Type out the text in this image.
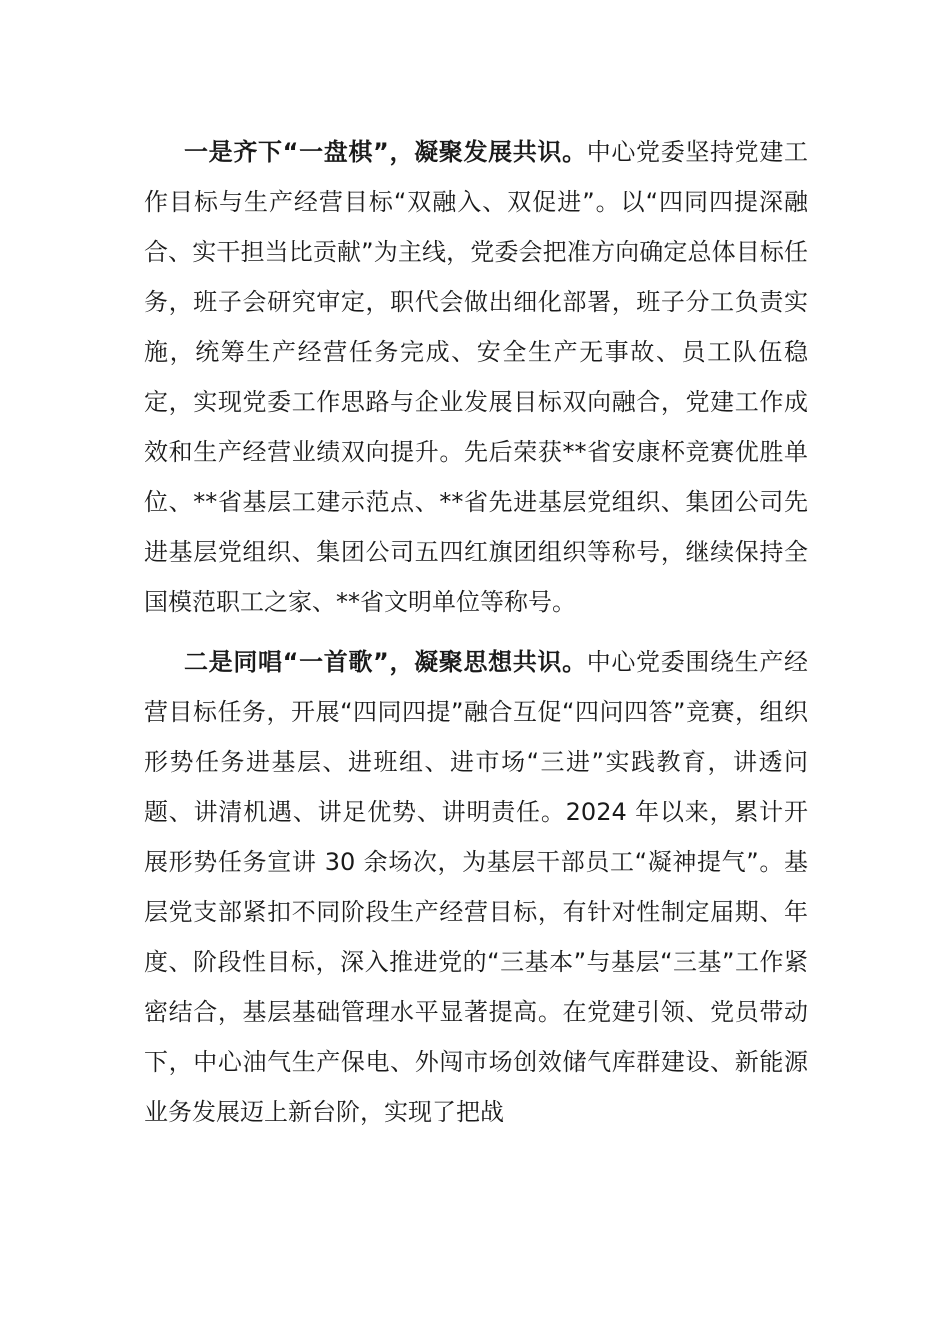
一是齐下“一盘棋”，凝聚发展共识。中心党委坚持党建工作目标与生产经营目标“双融入、双促进”。以“四同四提深融合、实干担当比贡献”为主线，党委会把准方向确定总体目标任务，班子会研究审定，职代会做出细化部署，班子分工负责实施，统筹生产经营任务完成、安全生产无事故、员工队伍稳定，实现党委工作思路与企业发展目标双向融合，党建工作成效和生产经营业绩双向提升。先后荣获**省安康杯竞赛优胜单位、**省基层工建示范点、**省先进基层党组织、集团公司先进基层党组织、集团公司五四红旗团组织等称号，继续保持全国模范职工之家、**省文明单位等称号。

二是同唱“一首歌”，凝聚思想共识。中心党委围绕生产经营目标任务，开展“四同四提”融合互促“四问四答”竞赛，组织形势任务进基层、进班组、进市场“三进”实践教育，讲透问题、讲清机遇、讲足优势、讲明责任。2024 年以来，累计开展形势任务宣讲 30 余场次，为基层干部员工“凝神提气”。基层党支部紧扣不同阶段生产经营目标，有针对性制定届期、年度、阶段性目标，深入推进党的“三基本”与基层“三基”工作紧密结合，基层基础管理水平显著提高。在党建引领、党员带动下，中心油气生产保电、外闯市场创效储气库群建设、新能源业务发展迈上新台阶，实现了把战
